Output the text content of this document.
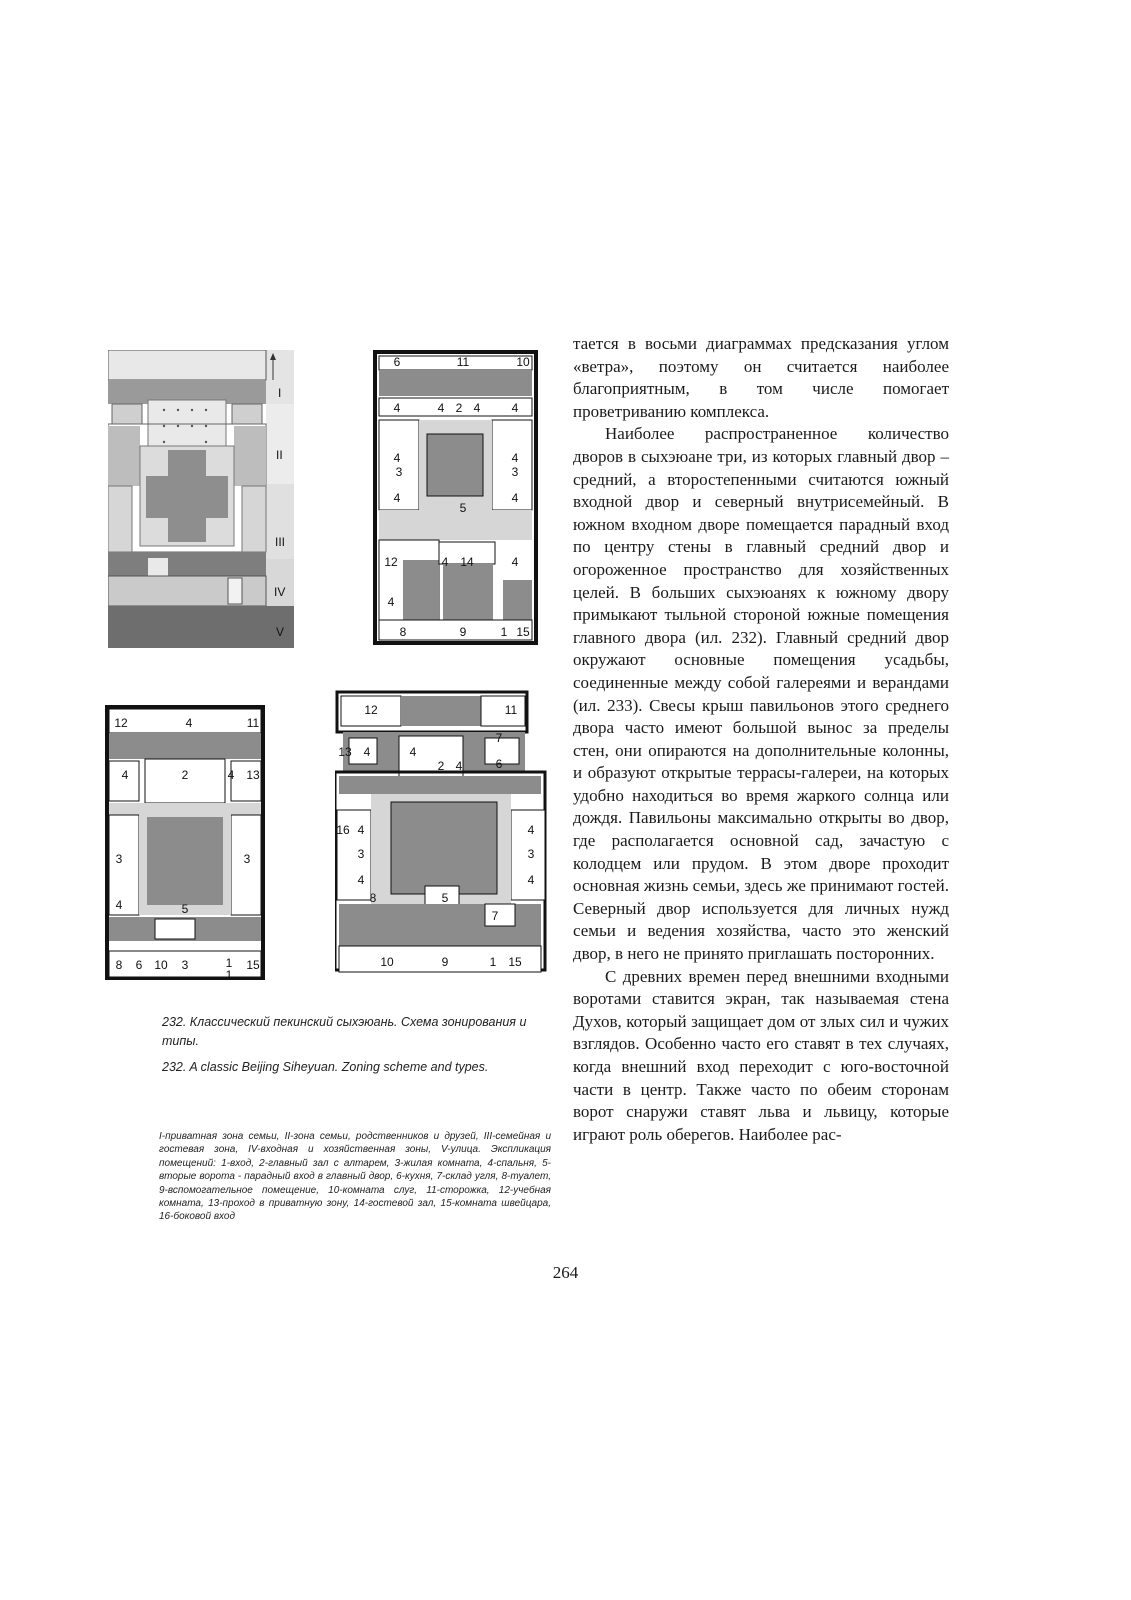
I
II
III
IV
V
6	11	10
4	4 2 4	4
4
3
4
4
3
4
5
12	4 14	4
4
8	9	1 15
12	4	11
4	2	4 13
3	3
4	5
8 6 10 3	1 15
1
12	11
13 4	4
2 4
7
6
16 4	4
3	3
4	4
5
8
7
10	9	1 15
232. Классический пекинский сыхэюань. Схема зонирования и типы.
232. A classic Beijing Siheyuan. Zoning scheme and types.
I-приватная зона семьи, II-зона семьи, родственников и друзей, III-семейная и гостевая зона, IV-входная и хозяйственная зоны, V-улица. Экспликация помещений: 1-вход, 2-главный зал с алтарем, 3-жилая комната, 4-спальня, 5-вторые ворота - парадный вход в главный двор, 6-кухня, 7-склад угля, 8-туалет, 9-вспомогательное помещение, 10-комната слуг, 11-сторожка, 12-учебная комната, 13-проход в приватную зону, 14-гостевой зал, 15-комната швейцара, 16-боковой вход

тается в восьми диаграммах предсказания углом «ветра», поэтому он считается наиболее благоприятным, в том числе помогает проветриванию комплекса.

Наиболее распространенное количество дворов в сыхэюане три, из которых главный двор – средний, а второстепенными считаются южный входной двор и северный внутрисемейный. В южном входном дворе помещается парадный вход по центру стены в главный средний двор и огороженное пространство для хозяйственных целей. В больших сыхэюанях к южному двору примыкают тыльной стороной южные помещения главного двора (ил. 232). Главный средний двор окружают основные помещения усадьбы, соединенные между собой галереями и верандами (ил. 233). Свесы крыш павильонов этого среднего двора часто имеют большой вынос за пределы стен, они опираются на дополнительные колонны, и образуют открытые террасы-галереи, на которых удобно находиться во время жаркого солнца или дождя. Павильоны максимально открыты во двор, где располагается основной сад, зачастую с колодцем или прудом. В этом дворе проходит основная жизнь семьи, здесь же принимают гостей. Северный двор используется для личных нужд семьи и ведения хозяйства, часто это женский двор, в него не принято приглашать посторонних.

С древних времен перед внешними входными воротами ставится экран, так называемая стена Духов, который защищает дом от злых сил и чужих взглядов. Особенно часто его ставят в тех случаях, когда внешний вход переходит с юго-восточной части в центр. Также часто по обеим сторонам ворот снаружи ставят льва и львицу, которые играют роль оберегов. Наиболее рас-

264
